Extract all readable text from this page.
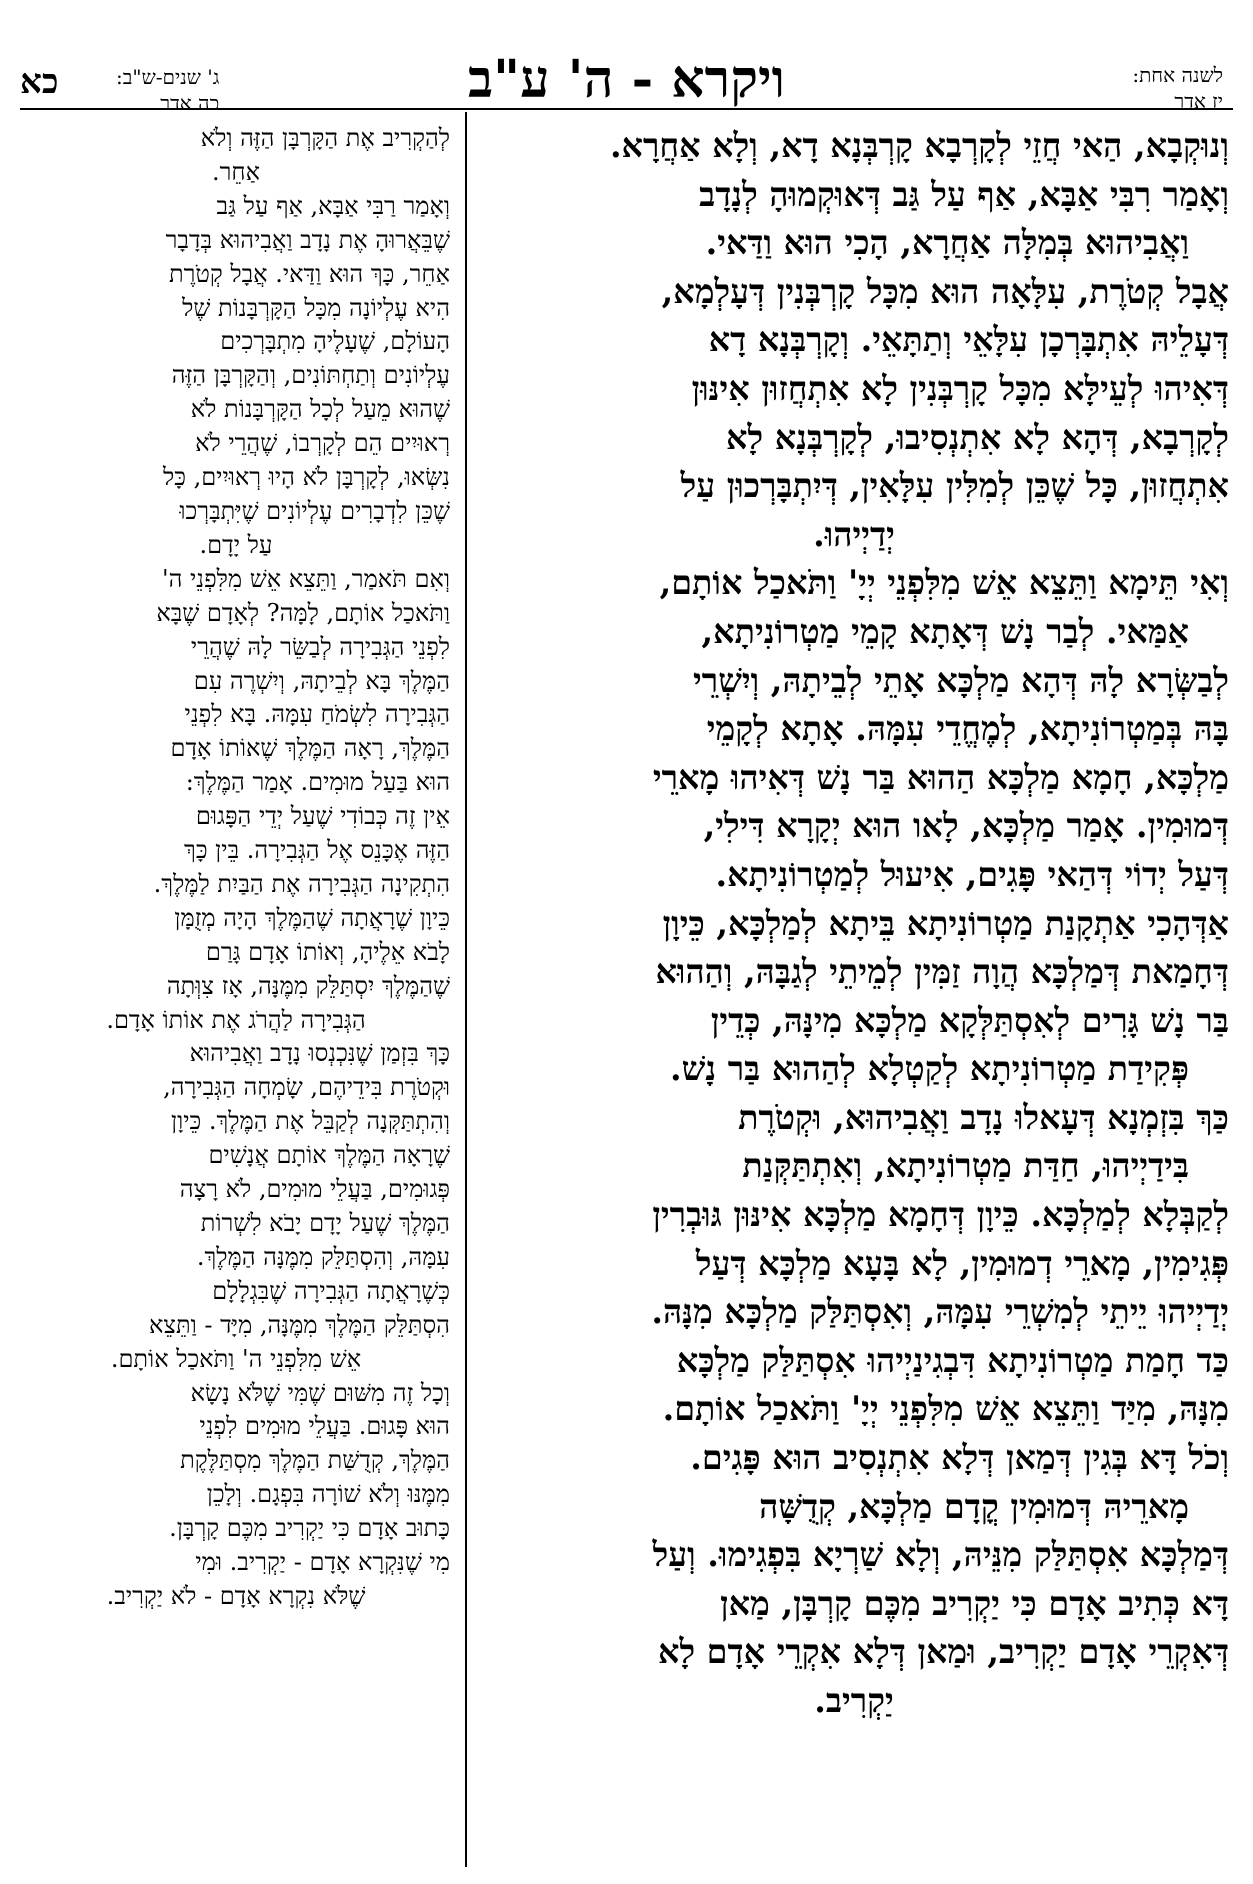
לשנה אחת:
יז אדר
ויקרא - ה' ע"ב
ג' שנים-ש"ב:
כה אדר
כא

וְנוּקְבָא, הַאי חֲזֵי לְקָרְבָא קָרְבְּנָא דָא, וְלָא אַחֲרָא.

וְאָמַר רִבִּי אַבָּא, אַף עַל גַּב דְּאוּקְמוּהָ לְנָדָב

וַאֲבִיהוּא בְּמִלָּה אַחֲרָא, הָכִי הוּא וַדַּאי.

אֲבָל קְטֹרֶת, עִלָּאָה הוּא מִכָּל קָרְבְּנִין דְּעָלְמָא,

דְּעָלֵיהּ אִתְבָּרְכָן עִלָּאֵי וְתַתָּאֵי. וְקָרְבְּנָא דָא

דְּאִיהוּ לְעֵילָּא מִכָּל קָרְבְּנִין לָא אִתְחֲזוּן אִינּוּן

לְקָרְבָא, דְּהָא לָא אִתְנְסִיבוּ, לְקָרְבְּנָא לָא

אִתְחֲזוּן, כָּל שֶׁכֵּן לְמִלִּין עִלָּאִין, דְּיִתְבָּרְכוּן עַל

יְדַיְיהוּ.

וְאִי תֵּימָא וַתֵּצֵא אֵשׁ מִלִּפְנֵי יְיָ' וַתֹּאכַל אוֹתָם,

אַמַּאי. לְבַר נָשׁ דְּאָתָא קָמֵי מַטְרוֹנִיתָא,

לְבַשְּׂרָא לָהּ דְּהָא מַלְכָּא אָתֵי לְבֵיתָהּ, וְיִשְׁרֵי

בָּהּ בְּמַטְרוֹנִיתָא, לְמֶחֱדֵי עִמָּהּ. אָתָא לְקָמֵי

מַלְכָּא, חָמָא מַלְכָּא הַהוּא בַּר נָשׁ דְּאִיהוּ מָארֵי

דְּמוּמִין. אָמַר מַלְכָּא, לָאו הוּא יְקָרָא דִּילִי,

דְּעַל יְדוֹי דְּהַאי פָּגִים, אִיעוּל לְמַטְרוֹנִיתָא.

אַדְּהָכִי אַתְקָנַת מַטְרוֹנִיתָא בֵּיתָא לְמַלְכָּא, כֵּיוָן

דְּחָמַאת דְּמַלְכָּא הֲוָה זַמִּין לְמֵיתֵי לְגַבָּהּ, וְהַהוּא

בַּר נָשׁ גָּרִים לְאִסְתַּלְּקָא מַלְכָּא מִינָּהּ, כְּדֵין

פְּקִידַת מַטְרוֹנִיתָא לְקַטְלָא לְהַהוּא בַּר נָשׁ.

כַּךְ בִּזְמְנָא דְּעָאלוּ נָדָב וַאֲבִיהוּא, וּקְטֹרֶת

בִּידַיְיהוּ, חַדַּת מַטְרוֹנִיתָא, וְאִתְתַּקְּנַת

לְקַבְּלָא לְמַלְכָּא. כֵּיוָן דְּחָמָא מַלְכָּא אִינּוּן גּוּבְרִין

פְּגִימִין, מָארֵי דְמוּמִין, לָא בָּעָא מַלְכָּא דְּעַל

יְדַיְיהוּ יֵיתֵי לְמִשְׁרֵי עִמָּהּ, וְאִסְתַּלַּק מַלְכָּא מִנָּהּ.

כַּד חָמַת מַטְרוֹנִיתָא דִּבְגִינַיְיהוּ אִסְתַּלַּק מַלְכָּא

מִנָּהּ, מִיַּד וַתֵּצֵא אֵשׁ מִלִּפְנֵי יְיָ' וַתֹּאכַל אוֹתָם.

וְכֹל דָּא בְּגִין דְּמַאן דְּלָא אִתְנְסִיב הוּא פָּגִים.

מָארֵיהּ דְּמוּמִין קֳדָם מַלְכָּא, קְדֻשָּׁה

דְּמַלְכָּא אִסְתַּלַּק מִנֵּיהּ, וְלָא שַׁרְיָא בִּפְגִימוּ. וְעַל

דָּא כְּתִיב אָדָם כִּי יַקְרִיב מִכֶּם קָרְבָּן, מַאן

דְּאִקְרֵי אָדָם יַקְרִיב, וּמַאן דְּלָא אִקְרֵי אָדָם לָא

יַקְרִיב.

לְהַקְרִיב אֶת הַקָּרְבָּן הַזֶּה וְלֹא

אַחֵר.

וְאָמַר רַבִּי אַבָּא, אַף עַל גַּב

שֶׁבֵּאֲרוּהָ אֶת נָדָב וַאֲבִיהוּא בְּדָבָר

אַחֵר, כָּךְ הוּא וַדַּאי. אֲבָל קְטֹרֶת

הִיא עֶלְיוֹנָה מִכָּל הַקָּרְבָּנוֹת שֶׁל

הָעוֹלָם, שֶׁעָלֶיהָ מִתְבָּרְכִים

עֶלְיוֹנִים וְתַחְתּוֹנִים, וְהַקָּרְבָּן הַזֶּה

שֶׁהוּא מֵעַל לְכָל הַקָּרְבָּנוֹת לֹא

רְאוּיִים הֵם לְקָרְבוֹ, שֶׁהֲרֵי לֹא

נִשְּׂאוּ, לְקָרְבָּן לֹא הָיוּ רְאוּיִים, כָּל

שֶׁכֵּן לִדְבָרִים עֶלְיוֹנִים שֶׁיִּתְבָּרְכוּ

עַל יָדָם.

וְאִם תֹּאמַר, וַתֵּצֵא אֵשׁ מִלִּפְנֵי ה'

וַתֹּאכַל אוֹתָם, לָמָּה? לְאָדָם שֶׁבָּא

לִפְנֵי הַגְּבִירָה לְבַשֵּׂר לָהּ שֶׁהֲרֵי

הַמֶּלֶךְ בָּא לְבֵיתָהּ, וְיִשְׁרֶה עִם

הַגְּבִירָה לִשְׂמֹחַ עִמָּהּ. בָּא לִפְנֵי

הַמֶּלֶךְ, רָאָה הַמֶּלֶךְ שֶׁאוֹתוֹ אָדָם

הוּא בַּעַל מוּמִים. אָמַר הַמֶּלֶךְ:

אֵין זֶה כְּבוֹדִי שֶׁעַל יְדֵי הַפָּגוּם

הַזֶּה אֶכָּנֵס אֶל הַגְּבִירָה. בֵּין כָּךְ

הִתְקִינָה הַגְּבִירָה אֶת הַבַּיִת לַמֶּלֶךְ.

כֵּיוָן שֶׁרָאֲתָה שֶׁהַמֶּלֶךְ הָיָה מְזֻמָּן

לָבֹא אֵלֶיהָ, וְאוֹתוֹ אָדָם גָּרַם

שֶׁהַמֶּלֶךְ יִסְתַּלֵּק מִמֶּנָּה, אָז צִוְּתָה

הַגְּבִירָה לַהֲרֹג אֶת אוֹתוֹ אָדָם.

כָּךְ בִּזְמַן שֶׁנִּכְנְסוּ נָדָב וַאֲבִיהוּא

וּקְטֹרֶת בִּידֵיהֶם, שָׂמְחָה הַגְּבִירָה,

וְהִתְתַּקְּנָה לְקַבֵּל אֶת הַמֶּלֶךְ. כֵּיוָן

שֶׁרָאָה הַמֶּלֶךְ אוֹתָם אֲנָשִׁים

פְּגוּמִים, בַּעֲלֵי מוּמִים, לֹא רָצָה

הַמֶּלֶךְ שֶׁעַל יָדָם יָבֹא לִשְׁרוֹת

עִמָּהּ, וְהִסְתַּלֵּק מִמֶּנָּה הַמֶּלֶךְ.

כְּשֶׁרָאֲתָה הַגְּבִירָה שֶׁבִּגְלָלָם

הִסְתַּלֵּק הַמֶּלֶךְ מִמֶּנָּה, מִיָּד - וַתֵּצֵא

אֵשׁ מִלִּפְנֵי ה' וַתֹּאכַל אוֹתָם.

וְכָל זֶה מִשּׁוּם שֶׁמִּי שֶׁלֹּא נָשָׂא

הוּא פָּגוּם. בַּעֲלֵי מוּמִים לִפְנֵי

הַמֶּלֶךְ, קְדֻשַּׁת הַמֶּלֶךְ מִסְתַּלֶּקֶת

מִמֶּנּוּ וְלֹא שׁוֹרָה בִּפְגָם. וְלָכֵן

כָּתוּב אָדָם כִּי יַקְרִיב מִכֶּם קָרְבָּן.

מִי שֶׁנִּקְרָא אָדָם - יַקְרִיב. וּמִי

שֶׁלֹּא נִקְרָא אָדָם - לֹא יַקְרִיב.
